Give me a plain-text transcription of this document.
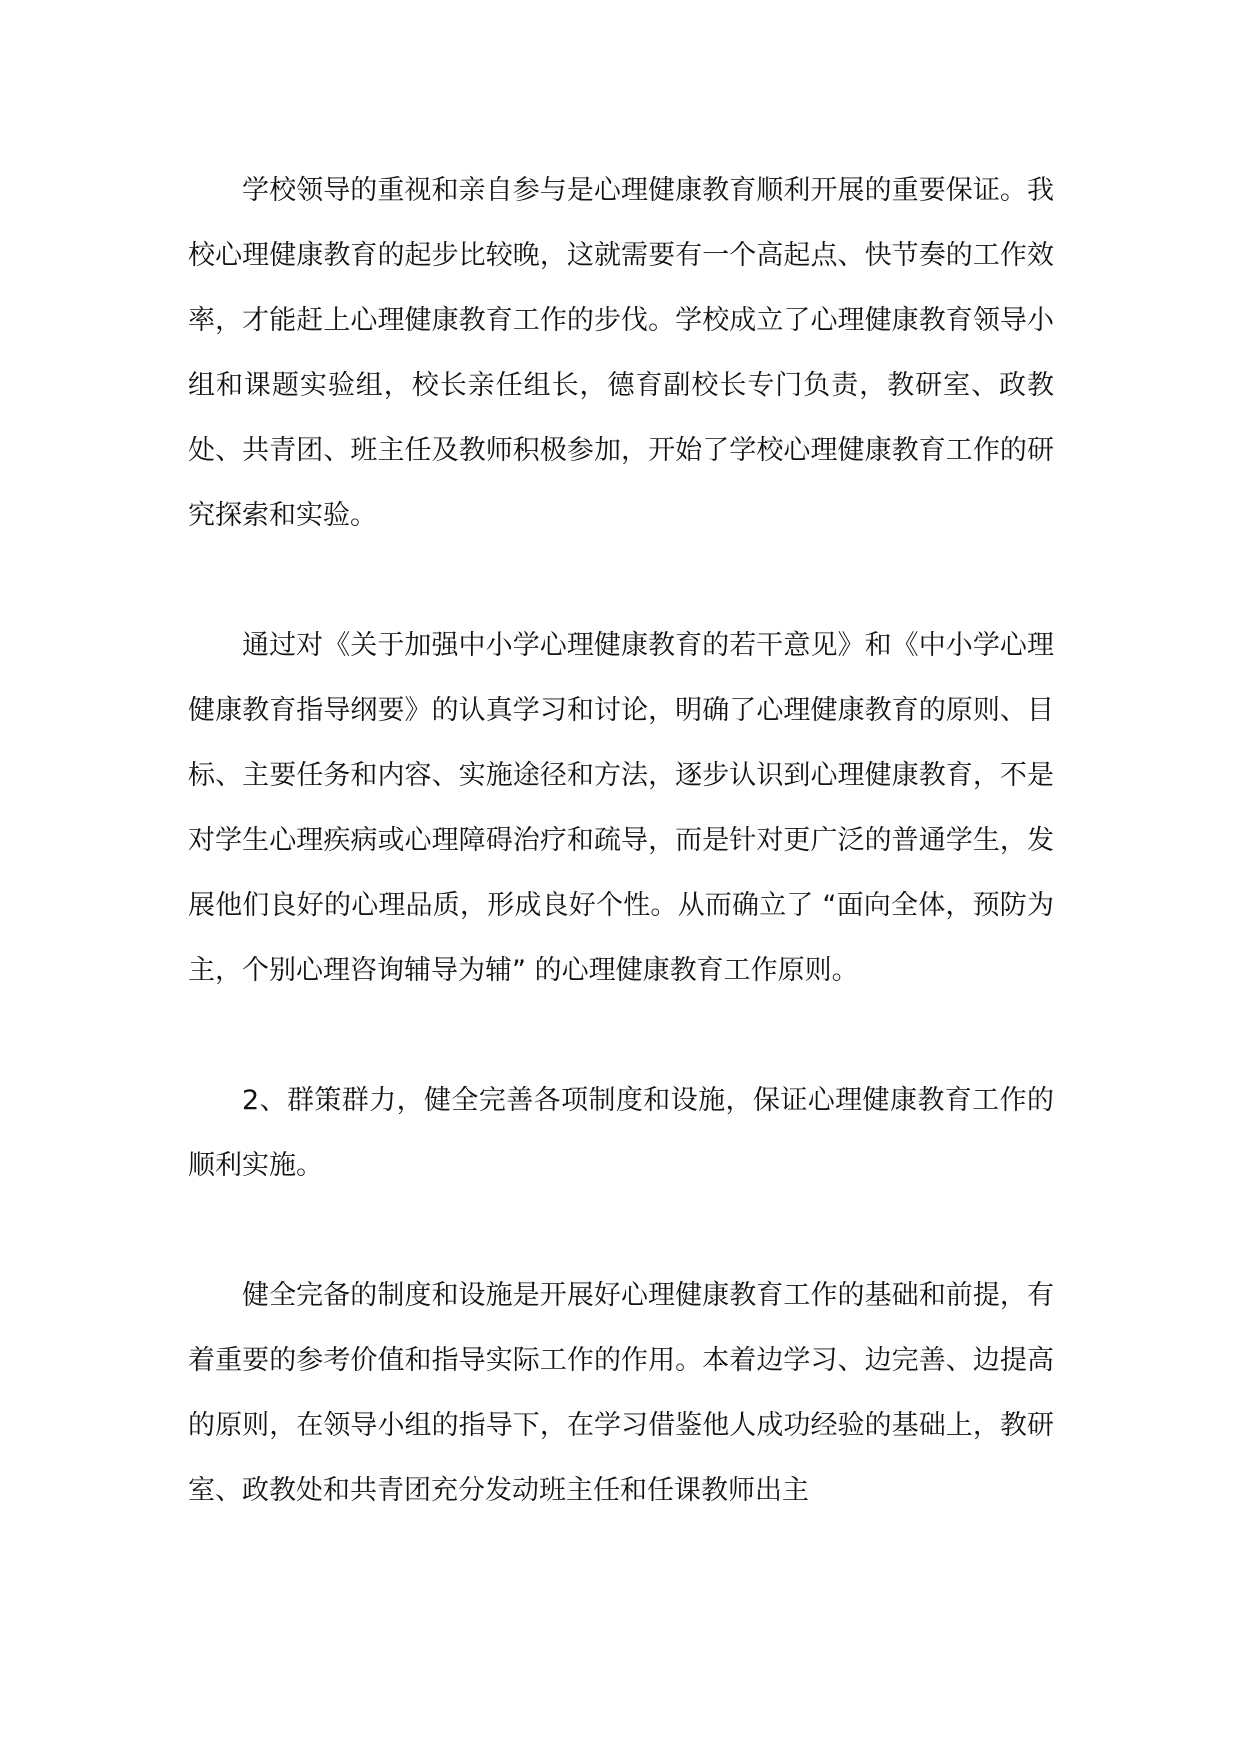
学校领导的重视和亲自参与是心理健康教育顺利开展的重要保证。我校心理健康教育的起步比较晚，这就需要有一个高起点、快节奏的工作效率，才能赶上心理健康教育工作的步伐。学校成立了心理健康教育领导小组和课题实验组，校长亲任组长，德育副校长专门负责，教研室、政教处、共青团、班主任及教师积极参加，开始了学校心理健康教育工作的研究探索和实验。

通过对《关于加强中小学心理健康教育的若干意见》和《中小学心理健康教育指导纲要》的认真学习和讨论，明确了心理健康教育的原则、目标、主要任务和内容、实施途径和方法，逐步认识到心理健康教育，不是对学生心理疾病或心理障碍治疗和疏导，而是针对更广泛的普通学生，发展他们良好的心理品质，形成良好个性。从而确立了 “面向全体，预防为主，个别心理咨询辅导为辅” 的心理健康教育工作原则。

2、群策群力，健全完善各项制度和设施，保证心理健康教育工作的顺利实施。

健全完备的制度和设施是开展好心理健康教育工作的基础和前提，有着重要的参考价值和指导实际工作的作用。本着边学习、边完善、边提高的原则，在领导小组的指导下，在学习借鉴他人成功经验的基础上，教研室、政教处和共青团充分发动班主任和任课教师出主
